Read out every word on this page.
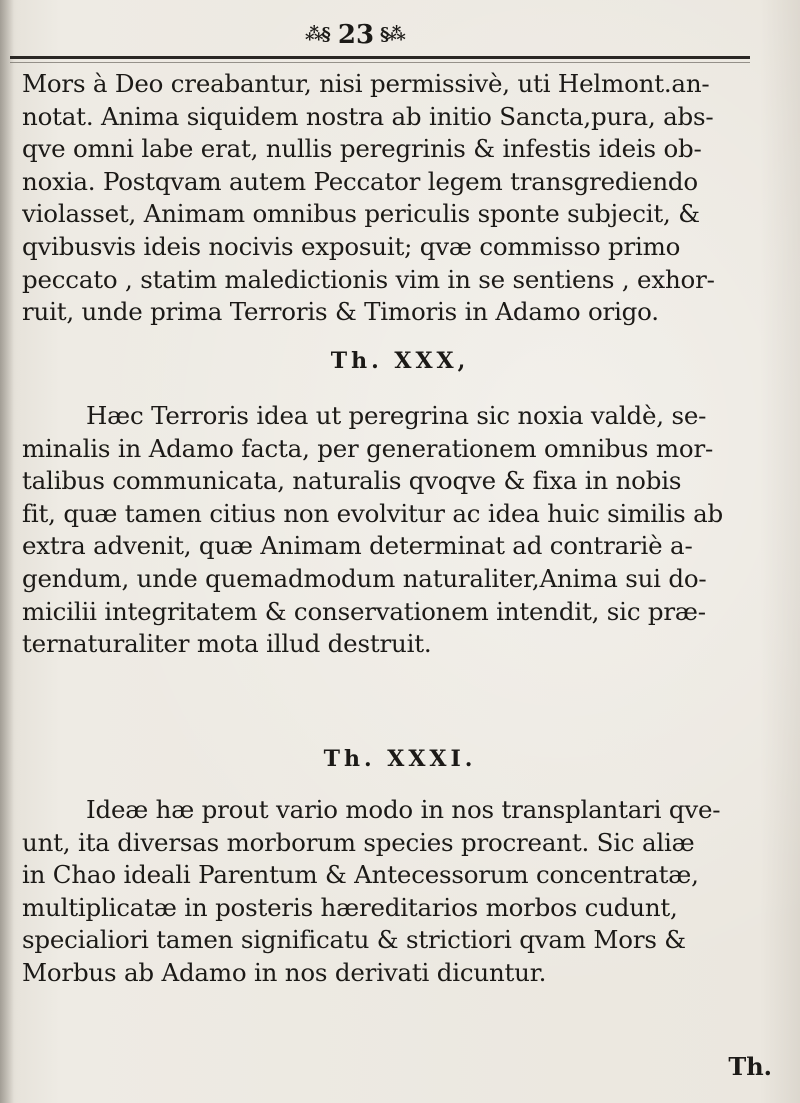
⁂§ 23 §⁂
Mors à Deo creabantur, nisi permissivè, uti Helmont.an-
notat. Anima siquidem nostra ab initio Sancta,pura, abs-
qve omni labe erat, nullis peregrinis & infestis ideis ob-
noxia. Postqvam autem Peccator legem transgrediendo
violasset, Animam omnibus periculis sponte subjecit, &
qvibusvis ideis nocivis exposuit; qvæ commisso primo
peccato , statim maledictionis vim in se sentiens , exhor-
ruit, unde prima Terroris & Timoris in Adamo origo.
Th. XXX,
Hæc Terroris idea ut peregrina sic noxia valdè, se-
minalis in Adamo facta, per generationem omnibus mor-
talibus communicata, naturalis qvoqve & fixa in nobis
fit, quæ tamen citius non evolvitur ac idea huic similis ab
extra advenit, quæ Animam determinat ad contrariè a-
gendum, unde quemadmodum naturaliter,Anima sui do-
micilii integritatem & conservationem intendit, sic præ-
ternaturaliter mota illud destruit.
Th. XXXI.
Ideæ hæ prout vario modo in nos transplantari qve-
unt, ita diversas morborum species procreant. Sic aliæ
in Chao ideali Parentum & Antecessorum concentratæ,
multiplicatæ in posteris hæreditarios morbos cudunt,
specialiori tamen significatu & strictiori qvam Mors &
Morbus ab Adamo in nos derivati dicuntur.
Th.
